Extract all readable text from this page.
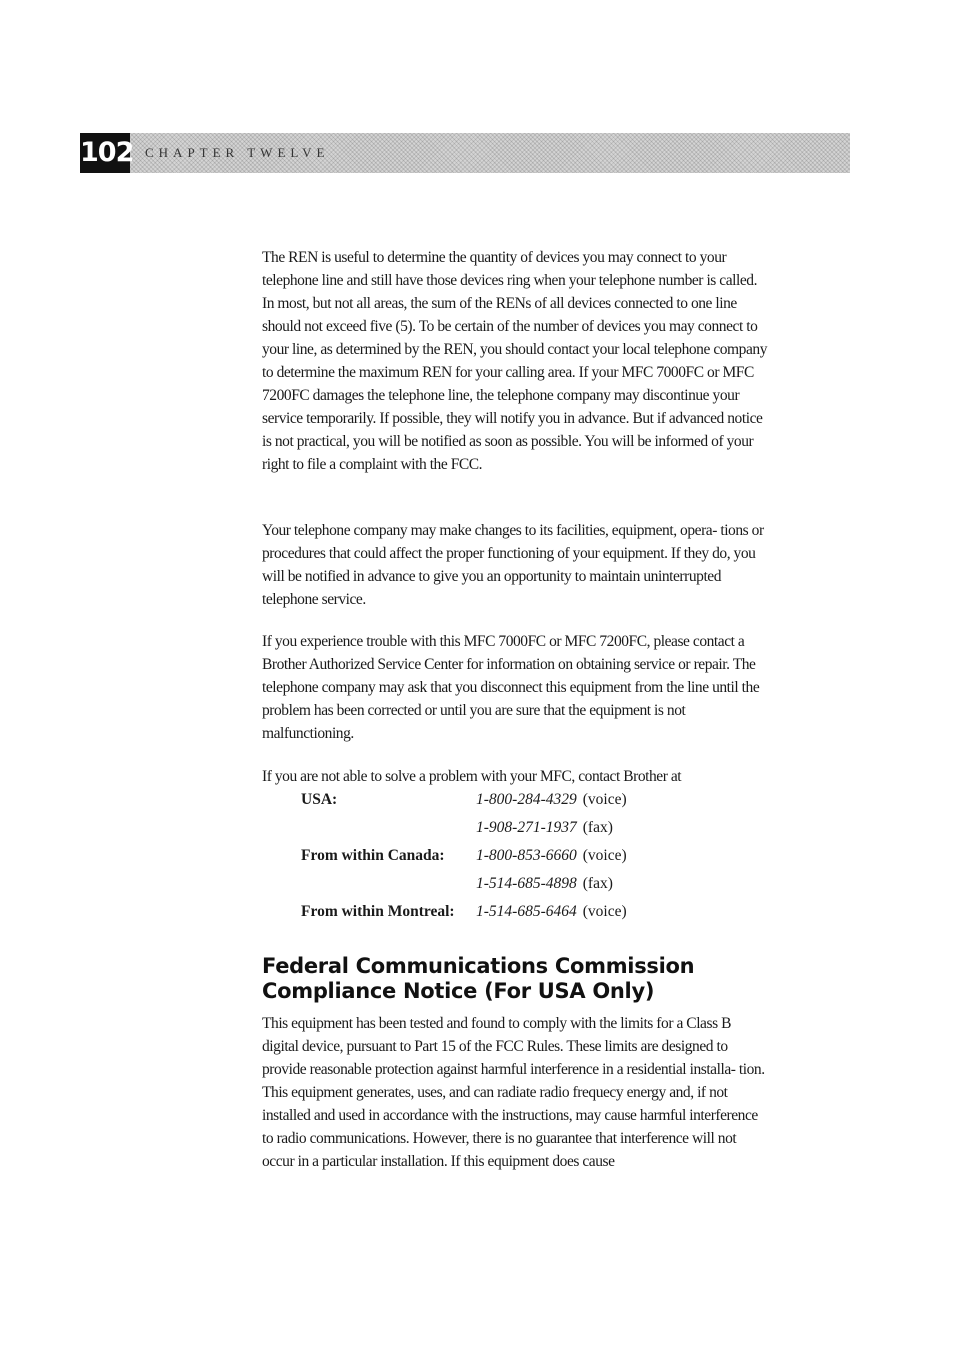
102 CHAPTER TWELVE

The REN is useful to determine the quantity of devices you may connect to your telephone line and still have those devices ring when your telephone number is called. In most, but not all areas, the sum of the RENs of all devices connected to one line should not exceed five (5). To be certain of the number of devices you may connect to your line, as determined by the REN, you should contact your local telephone company to determine the maximum REN for your calling area. If your MFC 7000FC or MFC 7200FC damages the telephone line, the telephone company may discontinue your service temporarily. If possible, they will notify you in advance. But if advanced notice is not practical, you will be notified as soon as possible. You will be informed of your right to file a complaint with the FCC.

Your telephone company may make changes to its facilities, equipment, opera- tions or procedures that could affect the proper functioning of your equipment. If they do, you will be notified in advance to give you an opportunity to maintain uninterrupted telephone service.

If you experience trouble with this MFC 7000FC or MFC 7200FC, please contact a Brother Authorized Service Center for information on obtaining service or repair. The telephone company may ask that you disconnect this equipment from the line until the problem has been corrected or until you are sure that the equipment is not malfunctioning.

If you are not able to solve a problem with your MFC, contact Brother at

USA:	1-800-284-4329 (voice)
1-908-271-1937 (fax)
From within Canada: 1-800-853-6660 (voice)
1-514-685-4898 (fax)
From within Montreal: 1-514-685-6464 (voice)
Federal Communications Commission
Compliance Notice (For USA Only)

This equipment has been tested and found to comply with the limits for a Class B digital device, pursuant to Part 15 of the FCC Rules. These limits are designed to provide reasonable protection against harmful interference in a residential installa- tion. This equipment generates, uses, and can radiate radio frequecy energy and, if not installed and used in accordance with the instructions, may cause harmful interference to radio communications. However, there is no guarantee that interference will not occur in a particular installation. If this equipment does cause
